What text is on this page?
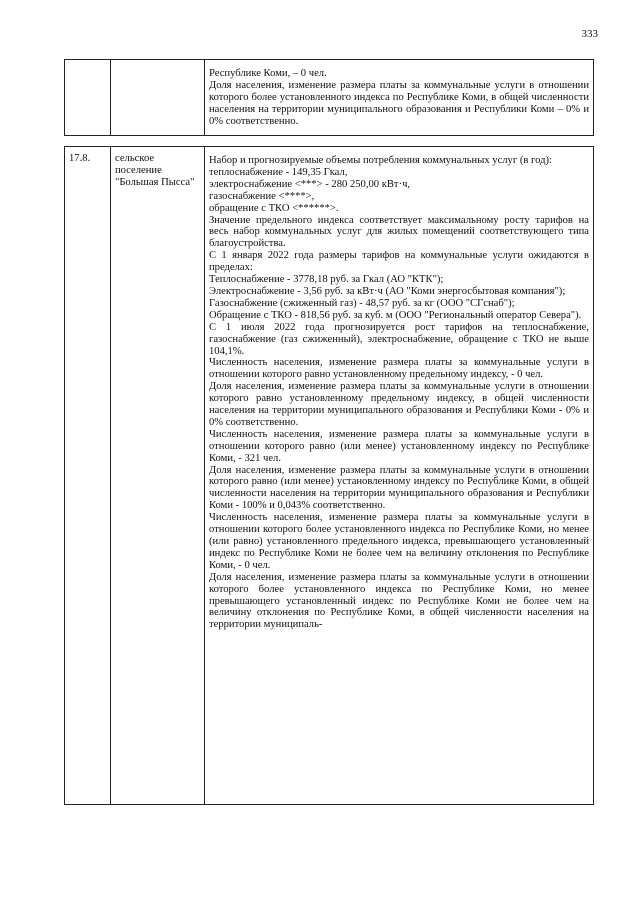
333

Республике Коми, – 0 чел.

Доля населения, изменение размера платы за коммунальные услуги в отношении которого более установленного индекса по Республике Коми, в общей численности населения на территории муниципального образования и Республики Коми – 0% и 0% соответственно.

17.8.	сельское поселение "Большая Пысса"

Набор и прогнозируемые объемы потребления коммунальных услуг (в год):

теплоснабжение - 149,35 Гкал,

электроснабжение <***> - 280 250,00 кВт·ч,

газоснабжение <****>,

обращение с ТКО <******>.

Значение предельного индекса соответствует максимальному росту тарифов на весь набор коммунальных услуг для жилых помещений соответствующего типа благоустройства.

С 1 января 2022 года размеры тарифов на коммунальные услуги ожидаются в пределах:

Теплоснабжение - 3778,18 руб. за Гкал (АО "КТК");

Электроснабжение - 3,56 руб. за кВт·ч (АО "Коми энергосбытовая компания");

Газоснабжение (сжиженный газ) - 48,57 руб. за кг (ООО "СГснаб");

Обращение с ТКО - 818,56 руб. за куб. м (ООО "Региональный оператор Севера").

С 1 июля 2022 года прогнозируется рост тарифов на теплоснабжение, газоснабжение (газ сжиженный), электроснабжение, обращение с ТКО не выше 104,1%.

Численность населения, изменение размера платы за коммунальные услуги в отношении которого равно установленному предельному индексу, - 0 чел.

Доля населения, изменение размера платы за коммунальные услуги в отношении которого равно установленному предельному индексу, в общей численности населения на территории муниципального образования и Республики Коми - 0% и 0% соответственно.

Численность населения, изменение размера платы за коммунальные услуги в отношении которого равно (или менее) установленному индексу по Республике Коми, - 321 чел.

Доля населения, изменение размера платы за коммунальные услуги в отношении которого равно (или менее) установленному индексу по Республике Коми, в общей численности населения на территории муниципального образования и Республики Коми - 100% и 0,043% соответственно.

Численность населения, изменение размера платы за коммунальные услуги в отношении которого более установленного индекса по Республике Коми, но менее (или равно) установленного предельного индекса, превышающего установленный индекс по Республике Коми не более чем на величину отклонения по Республике Коми, - 0 чел.

Доля населения, изменение размера платы за коммунальные услуги в отношении которого более установленного индекса по Республике Коми, но менее превышающего установленный индекс по Республике Коми не более чем на величину отклонения по Республике Коми, в общей численности населения на территории муниципаль-
